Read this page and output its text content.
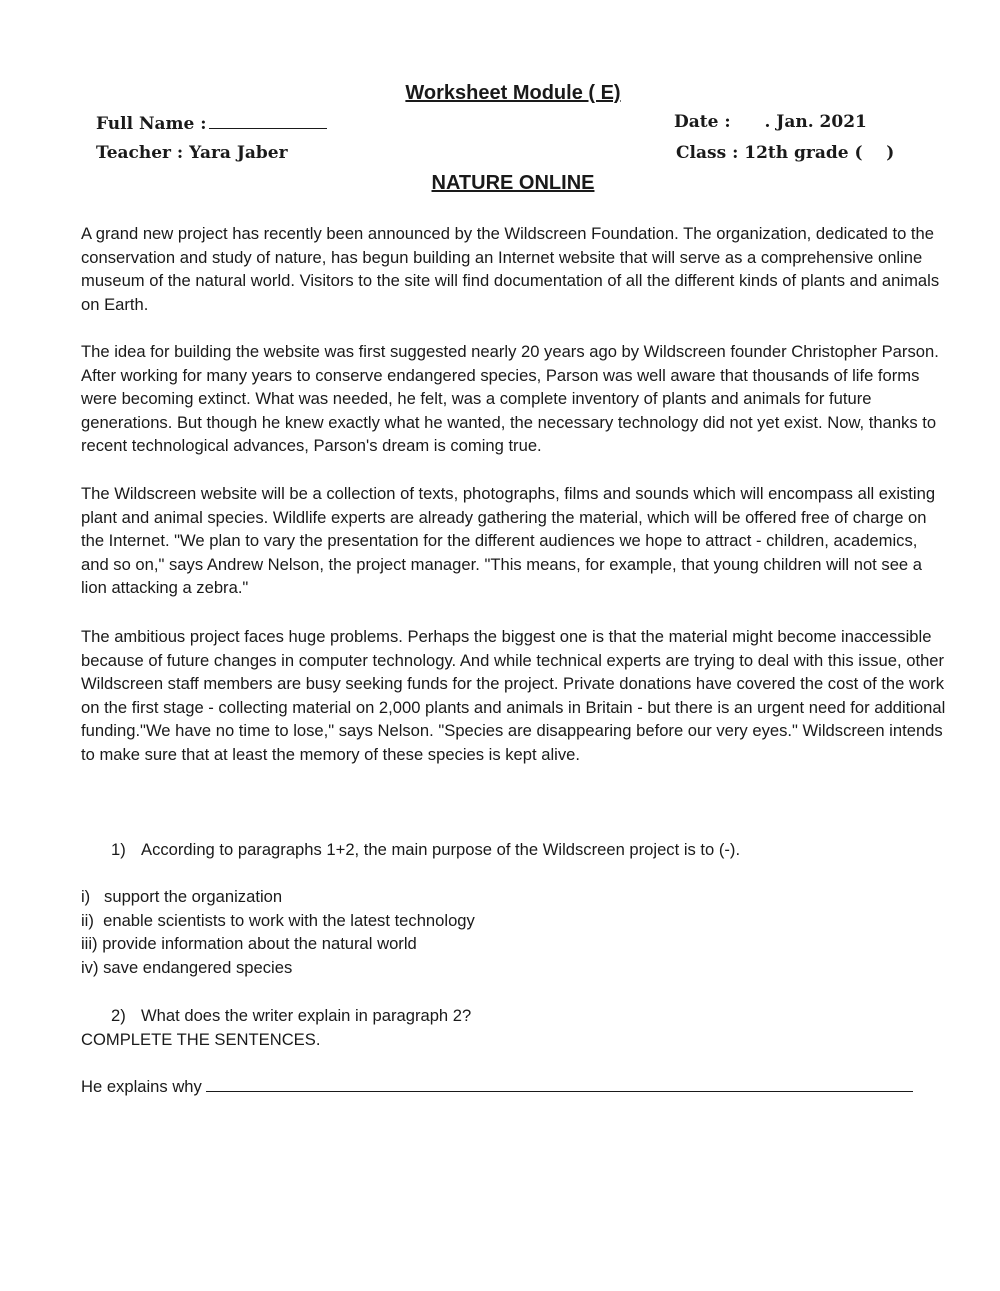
Worksheet Module ( E)
Full Name :
Teacher : Yara Jaber
Date : . Jan. 2021
Class : 12th grade (    )
NATURE ONLINE

A grand new project has recently been announced by the Wildscreen Foundation. The organization, dedicated to the conservation and study of nature, has begun building an Internet website that will serve as a comprehensive online museum of the natural world. Visitors to the site will find documentation of all the different kinds of plants and animals on Earth.

The idea for building the website was first suggested nearly 20 years ago by Wildscreen founder Christopher Parson. After working for many years to conserve endangered species, Parson was well aware that thousands of life forms were becoming extinct. What was needed, he felt, was a complete inventory of plants and animals for future generations. But though he knew exactly what he wanted, the necessary technology did not yet exist. Now, thanks to recent technological advances, Parson's dream is coming true.

The Wildscreen website will be a collection of texts, photographs, films and sounds which will encompass all existing plant and animal species. Wildlife experts are already gathering the material, which will be offered free of charge on the Internet. "We plan to vary the presentation for the different audiences we hope to attract - children, academics, and so on," says Andrew Nelson, the project manager. "This means, for example, that young children will not see a lion attacking a zebra."

The ambitious project faces huge problems. Perhaps the biggest one is that the material might become inaccessible because of future changes in computer technology. And while technical experts are trying to deal with this issue, other Wildscreen staff members are busy seeking funds for the project. Private donations have covered the cost of the work on the first stage - collecting material on 2,000 plants and animals in Britain - but there is an urgent need for additional funding."We have no time to lose," says Nelson. "Species are disappearing before our very eyes." Wildscreen intends to make sure that at least the memory of these species is kept alive.

1) According to paragraphs 1+2, the main purpose of the Wildscreen project is to (-).
i)   support the organization
ii)  enable scientists to work with the latest technology
iii) provide information about the natural world
iv) save endangered species
2) What does the writer explain in paragraph 2?
COMPLETE THE SENTENCES.
He explains why
